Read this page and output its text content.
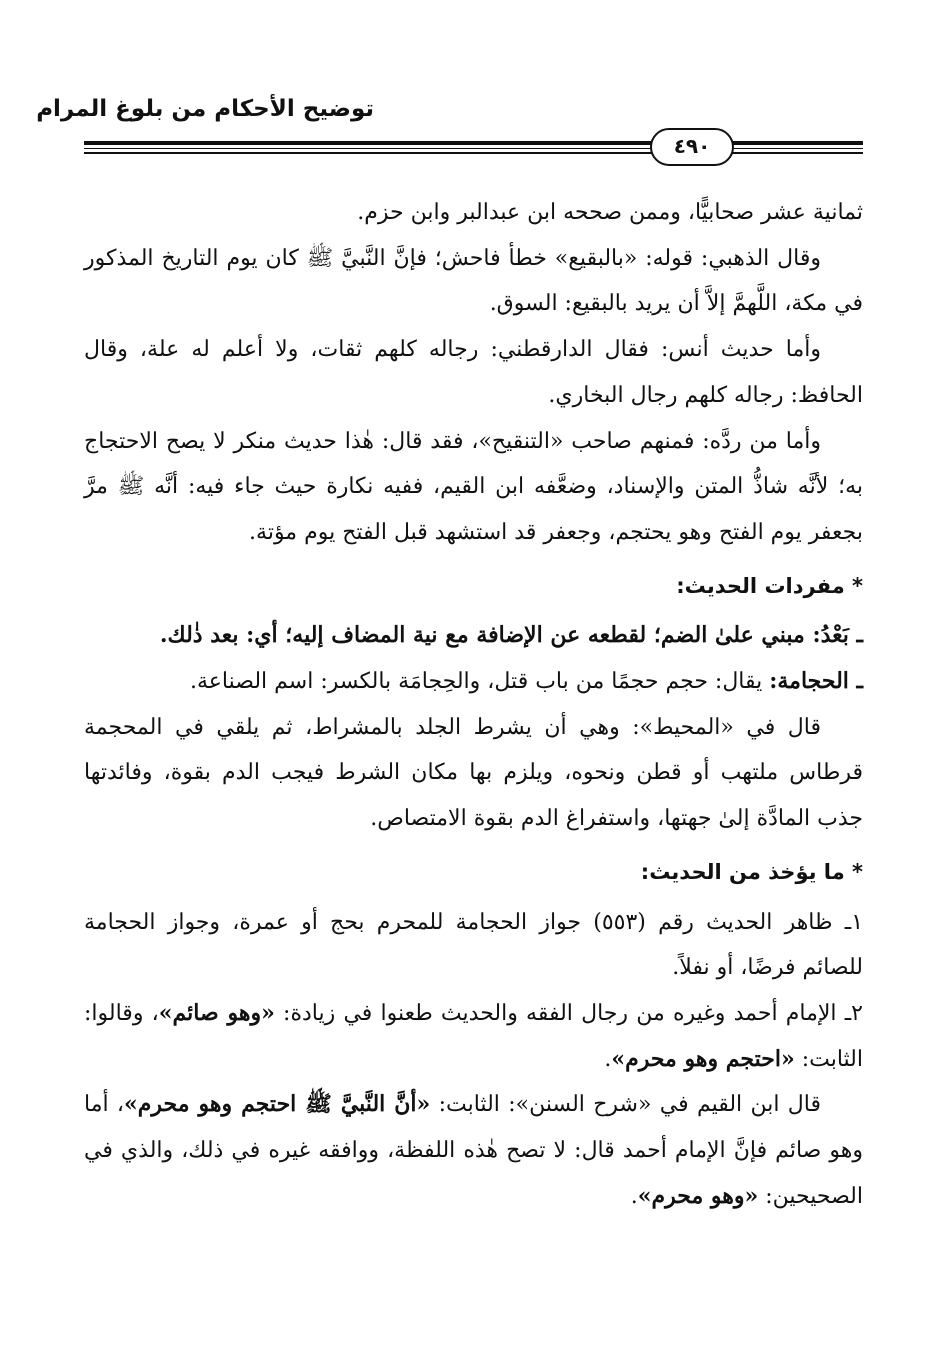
توضيح الأحكام من بلوغ المرام
٤٩٠

ثمانية عشر صحابيًّا، وممن صححه ابن عبدالبر وابن حزم.

وقال الذهبي: قوله: «بالبقيع» خطأ فاحش؛ فإنَّ النَّبيَّ ﷺ كان يوم التاريخ المذكور في مكة، اللَّهمَّ إلاَّ أن يريد بالبقيع: السوق.

وأما حديث أنس: فقال الدارقطني: رجاله كلهم ثقات، ولا أعلم له علة، وقال الحافظ: رجاله كلهم رجال البخاري.

وأما من ردَّه: فمنهم صاحب «التنقيح»، فقد قال: هٰذا حديث منكر لا يصح الاحتجاج به؛ لأنَّه شاذُّ المتن والإسناد، وضعَّفه ابن القيم، ففيه نكارة حيث جاء فيه: أنَّه ﷺ مرَّ بجعفر يوم الفتح وهو يحتجم، وجعفر قد استشهد قبل الفتح يوم مؤتة.

* مفردات الحديث:

ـ بَعْدُ: مبني علىٰ الضم؛ لقطعه عن الإضافة مع نية المضاف إليه؛ أي: بعد ذٰلك.

ـ الحجامة: يقال: حجم حجمًا من باب قتل، والحِجامَة بالكسر: اسم الصناعة.

قال في «المحيط»: وهي أن يشرط الجلد بالمشراط، ثم يلقي في المحجمة قرطاس ملتهب أو قطن ونحوه، ويلزم بها مكان الشرط فيجب الدم بقوة، وفائدتها جذب المادَّة إلىٰ جهتها، واستفراغ الدم بقوة الامتصاص.

* ما يؤخذ من الحديث:

١ـ ظاهر الحديث رقم (٥٥٣) جواز الحجامة للمحرم بحج أو عمرة، وجواز الحجامة للصائم فرضًا، أو نفلاً.

٢ـ الإمام أحمد وغيره من رجال الفقه والحديث طعنوا في زيادة: «وهو صائم»، وقالوا: الثابت: «احتجم وهو محرم».

قال ابن القيم في «شرح السنن»: الثابت: «أنَّ النَّبيَّ ﷺ احتجم وهو محرم»، أما وهو صائم فإنَّ الإمام أحمد قال: لا تصح هٰذه اللفظة، ووافقه غيره في ذلك، والذي في الصحيحين: «وهو محرم».
